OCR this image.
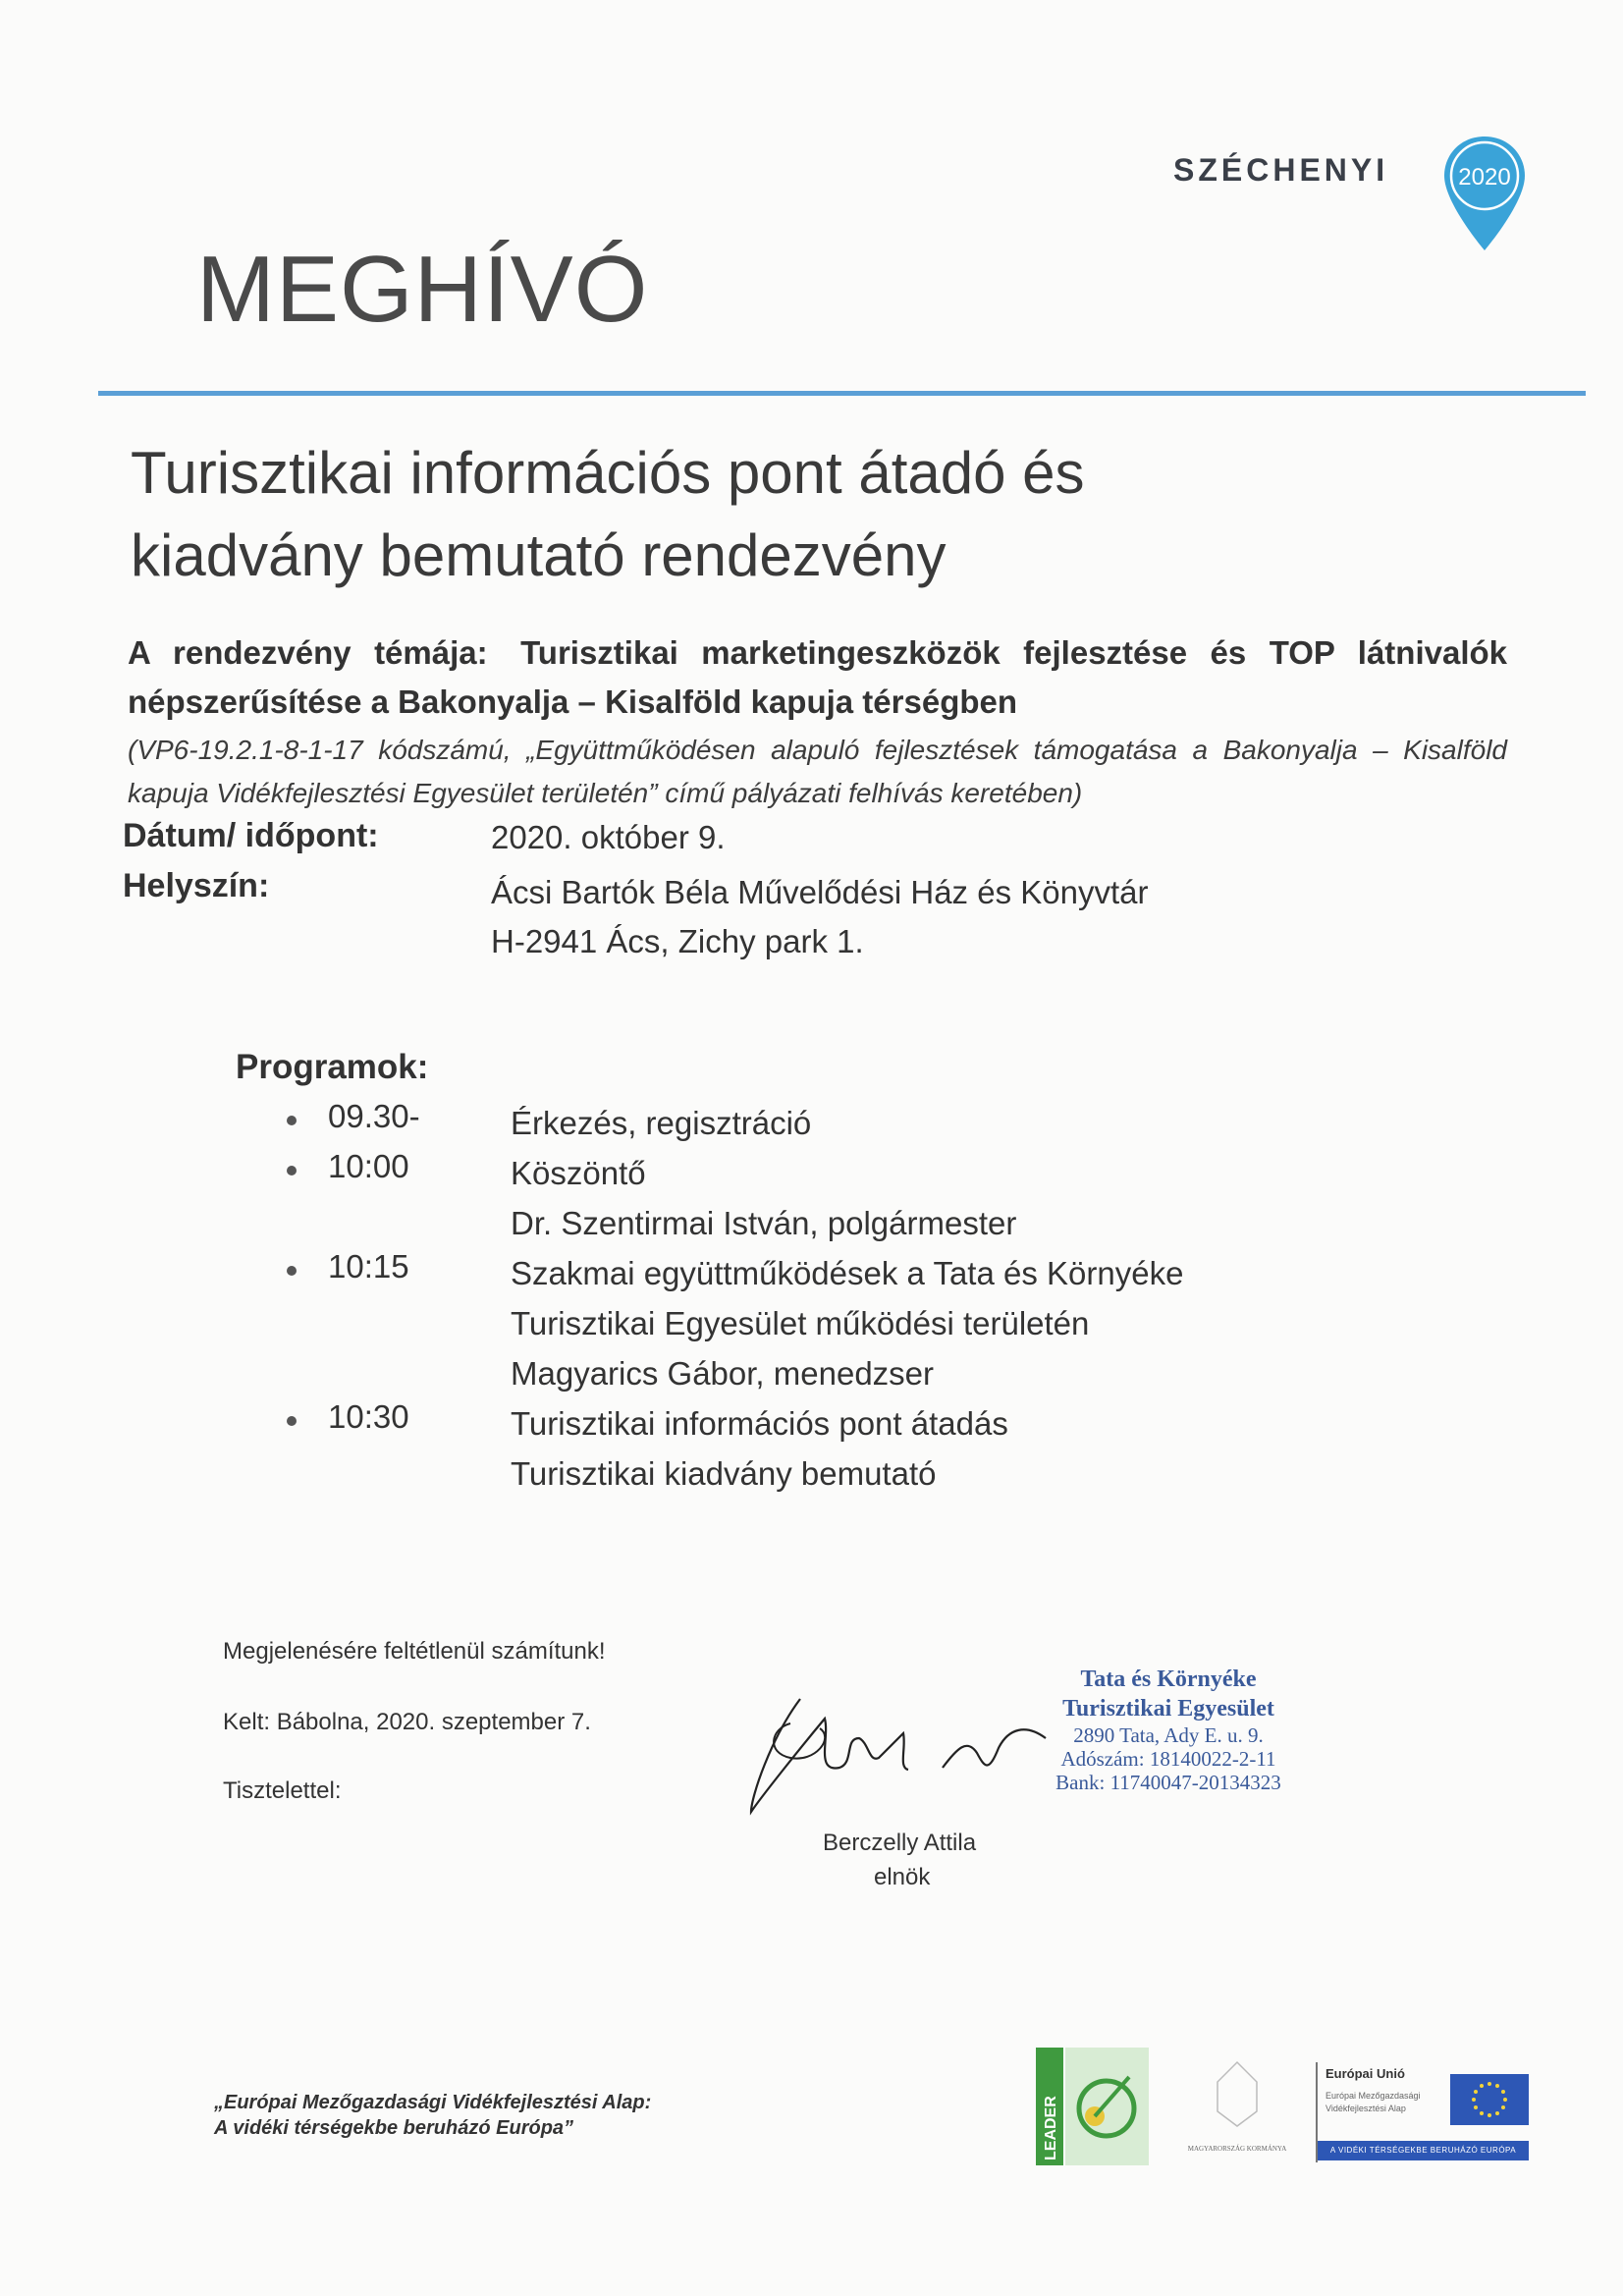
SZÉCHENYI	2020
MEGHÍVÓ
Turisztikai információs pont átadó és
kiadvány bemutató rendezvény
A rendezvény témája: Turisztikai marketingeszközök fejlesztése és TOP látnivalók népszerűsítése a Bakonyalja – Kisalföld kapuja térségben
(VP6-19.2.1-8-1-17 kódszámú, „Együttműködésen alapuló fejlesztések támogatása a Bakonyalja – Kisalföld kapuja Vidékfejlesztési Egyesület területén” című pályázati felhívás keretében)
Dátum/ időpont:	2020. október 9.
Helyszín:	Ácsi Bartók Béla Művelődési Ház és Könyvtár
H-2941 Ács, Zichy park 1.
Programok:
09.30-	Érkezés, regisztráció
10:00	Köszöntő
Dr. Szentirmai István, polgármester
10:15	Szakmai együttműködések a Tata és Környéke
Turisztikai Egyesület működési területén
Magyarics Gábor, menedzser
10:30	Turisztikai információs pont átadás
Turisztikai kiadvány bemutató
Megjelenésére feltétlenül számítunk!
Kelt: Bábolna, 2020. szeptember 7.
Tisztelettel:
Tata és Környéke
Turisztikai Egyesület
2890 Tata, Ady E. u. 9.
Adószám: 18140022-2-11
Bank: 11740047-20134323
Berczelly Attila
elnök
„Európai Mezőgazdasági Vidékfejlesztési Alap:
A vidéki térségekbe beruházó Európa”	LEADER	MAGYARORSZÁG KORMÁNYA
Európai Unió
Európai Mezőgazdasági Vidékfejlesztési Alap
A VIDÉKI TÉRSÉGEKBE BERUHÁZÓ EURÓPA
